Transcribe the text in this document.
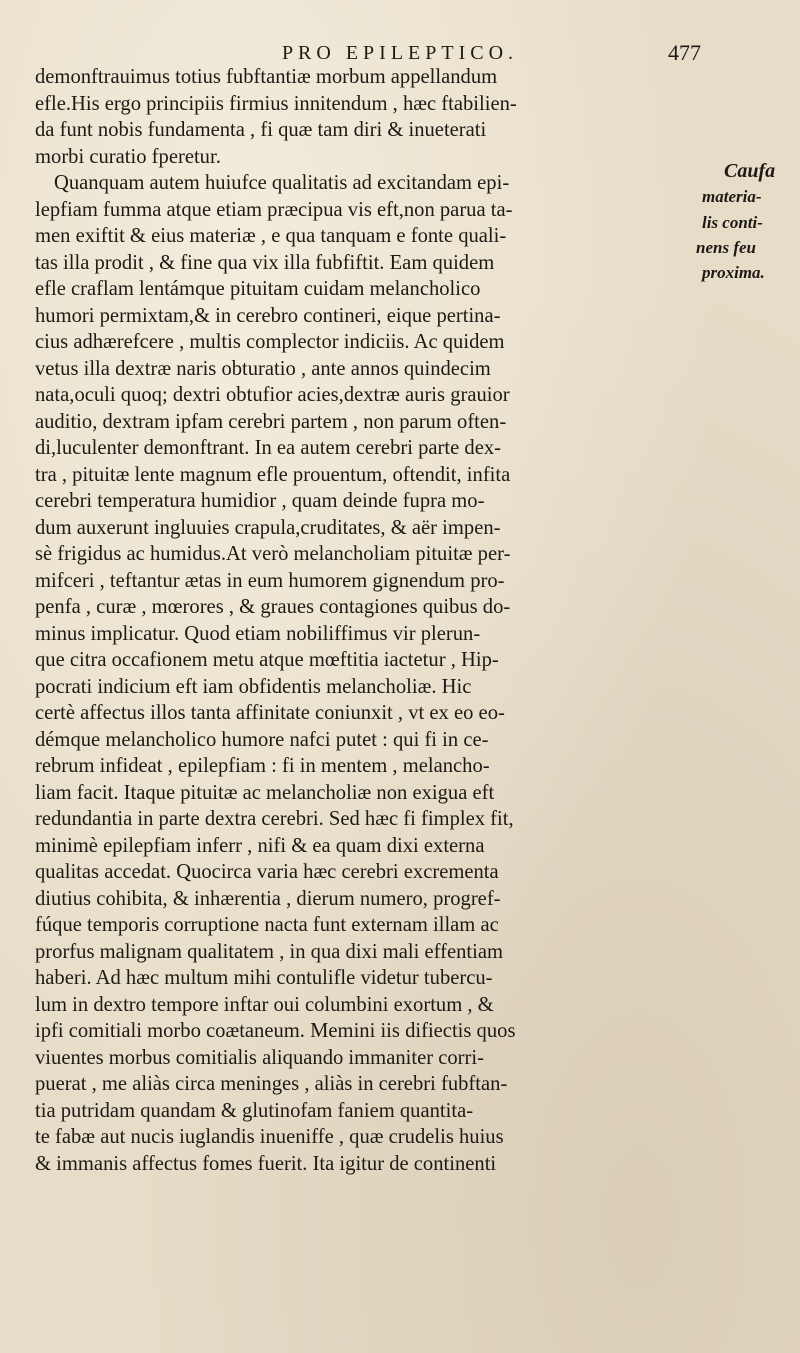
PRO EPILEPTICO.	477
demonftrauimus totius fubftantiæ morbum appellandum
efle.His ergo principiis firmius innitendum , hæc ftabilien-
da funt nobis fundamenta , fi quæ tam diri & inueterati
morbi curatio fperetur.
Quanquam autem huiufce qualitatis ad excitandam epi-
lepfiam fumma atque etiam præcipua vis eft,non parua ta-
men exiftit & eius materiæ , e qua tanquam e fonte quali-
tas illa prodit , & fine qua vix illa fubfiftit. Eam quidem
efle craflam lentámque pituitam cuidam melancholico
humori permixtam,& in cerebro contineri, eique pertina-
cius adhærefcere , multis complector indiciis. Ac quidem
vetus illa dextræ naris obturatio , ante annos quindecim
nata,oculi quoq; dextri obtufior acies,dextræ auris grauior
auditio, dextram ipfam cerebri partem , non parum often-
di,luculenter demonftrant. In ea autem cerebri parte dex-
tra , pituitæ lente magnum efle prouentum, oftendit, infita
cerebri temperatura humidior , quam deinde fupra mo-
dum auxerunt ingluuies crapula,cruditates, & aër impen-
sè frigidus ac humidus.At verò melancholiam pituitæ per-
mifceri , teftantur ætas in eum humorem gignendum pro-
penfa , curæ , mœrores , & graues contagiones quibus do-
minus implicatur. Quod etiam nobiliffimus vir plerun-
que citra occafionem metu atque mœftitia iactetur , Hip-
pocrati indicium eft iam obfidentis melancholiæ. Hic
certè affectus illos tanta affinitate coniunxit , vt ex eo eo-
démque melancholico humore nafci putet : qui fi in ce-
rebrum infideat , epilepfiam : fi in mentem , melancho-
liam facit. Itaque pituitæ ac melancholiæ non exigua eft
redundantia in parte dextra cerebri. Sed hæc fi fimplex fit,
minimè epilepfiam inferr , nifi & ea quam dixi externa
qualitas accedat. Quocirca varia hæc cerebri excrementa
diutius cohibita, & inhærentia , dierum numero, progref-
fúque temporis corruptione nacta funt externam illam ac
prorfus malignam qualitatem , in qua dixi mali effentiam
haberi. Ad hæc multum mihi contulifle videtur tubercu-
lum in dextro tempore inftar oui columbini exortum , &
ipfi comitiali morbo coætaneum. Memini iis difiectis quos
viuentes morbus comitialis aliquando immaniter corri-
puerat , me aliàs circa meninges , aliàs in cerebri fubftan-
tia putridam quandam & glutinofam faniem quantita-
te fabæ aut nucis iuglandis inueniffe , quæ crudelis huius
& immanis affectus fomes fuerit. Ita igitur de continenti
Caufa
materia-
lis conti-
nens feu
proxima.
